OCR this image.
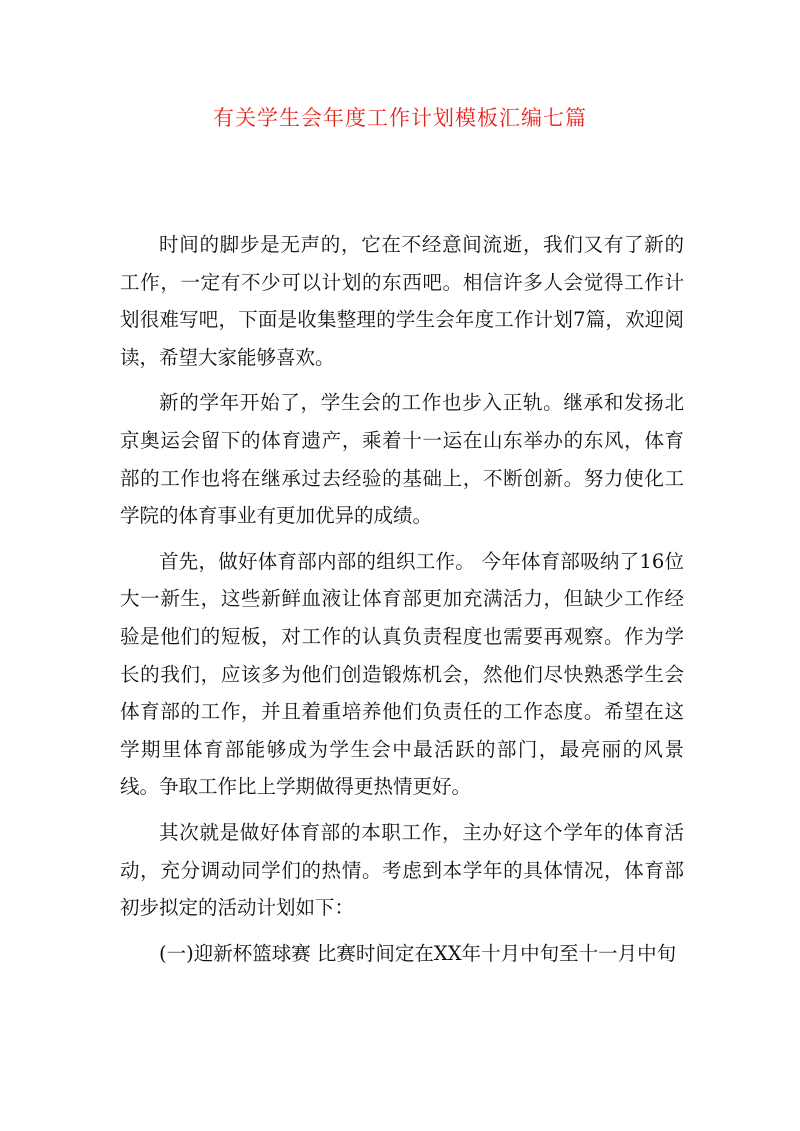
有关学生会年度工作计划模板汇编七篇

时间的脚步是无声的，它在不经意间流逝，我们又有了新的工作，一定有不少可以计划的东西吧。相信许多人会觉得工作计划很难写吧，下面是收集整理的学生会年度工作计划7篇，欢迎阅读，希望大家能够喜欢。

新的学年开始了，学生会的工作也步入正轨。继承和发扬北京奥运会留下的体育遗产，乘着十一运在山东举办的东风，体育部的工作也将在继承过去经验的基础上，不断创新。努力使化工学院的体育事业有更加优异的成绩。

首先，做好体育部内部的组织工作。 今年体育部吸纳了16位大一新生，这些新鲜血液让体育部更加充满活力，但缺少工作经验是他们的短板，对工作的认真负责程度也需要再观察。作为学长的我们，应该多为他们创造锻炼机会，然他们尽快熟悉学生会体育部的工作，并且着重培养他们负责任的工作态度。希望在这学期里体育部能够成为学生会中最活跃的部门，最亮丽的风景线。争取工作比上学期做得更热情更好。

其次就是做好体育部的本职工作，主办好这个学年的体育活动，充分调动同学们的热情。考虑到本学年的具体情况，体育部初步拟定的活动计划如下：

(一)迎新杯篮球赛 比赛时间定在XX年十月中旬至十一月中旬
